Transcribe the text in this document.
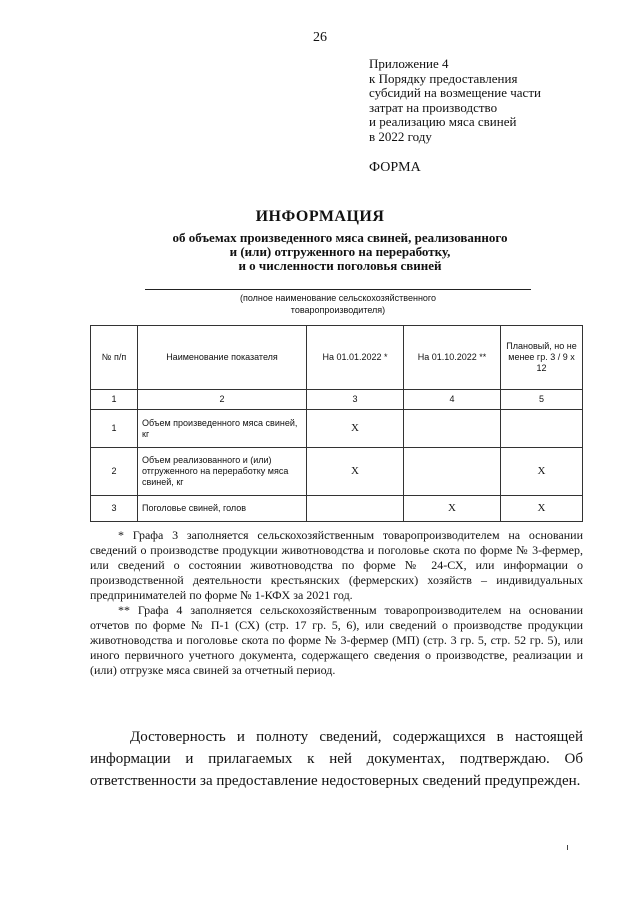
26
Приложение 4
к Порядку предоставления
субсидий на возмещение части
затрат на производство
и реализацию мяса свиней
в 2022 году
ФОРМА
ИНФОРМАЦИЯ
об объемах произведенного мяса свиней, реализованного
и (или) отгруженного на переработку,
и о численности поголовья свиней
(полное наименование сельскохозяйственного
товаропроизводителя)
№ п/п	Наименование показателя	На 01.01.2022 *	На 01.10.2022 **	Плановый, но не менее гр. 3 / 9 x 12
1	2	3	4	5
1	Объем произведенного мяса свиней, кг	Х		
2	Объем реализованного и (или) отгруженного на переработку мяса свиней, кг	Х		Х
3	Поголовье свиней, голов		Х	Х

* Графа 3 заполняется сельскохозяйственным товаропроизводителем на основании сведений о производстве продукции животноводства и поголовье скота по форме № 3-фермер, или сведений о состоянии животноводства по форме № 24-СХ, или информации о производственной деятельности крестьянских (фермерских) хозяйств – индивидуальных предпринимателей по форме № 1-КФХ за 2021 год.

** Графа 4 заполняется сельскохозяйственным товаропроизводителем на основании отчетов по форме № П-1 (СХ) (стр. 17 гр. 5, 6), или сведений о производстве продукции животноводства и поголовье скота по форме № 3-фермер (МП) (стр. 3 гр. 5, стр. 52 гр. 5), или иного первичного учетного документа, содержащего сведения о производстве, реализации и (или) отгрузке мяса свиней за отчетный период.

Достоверность и полноту сведений, содержащихся в настоящей информации и прилагаемых к ней документах, подтверждаю. Об ответственности за предоставление недостоверных сведений предупрежден.
